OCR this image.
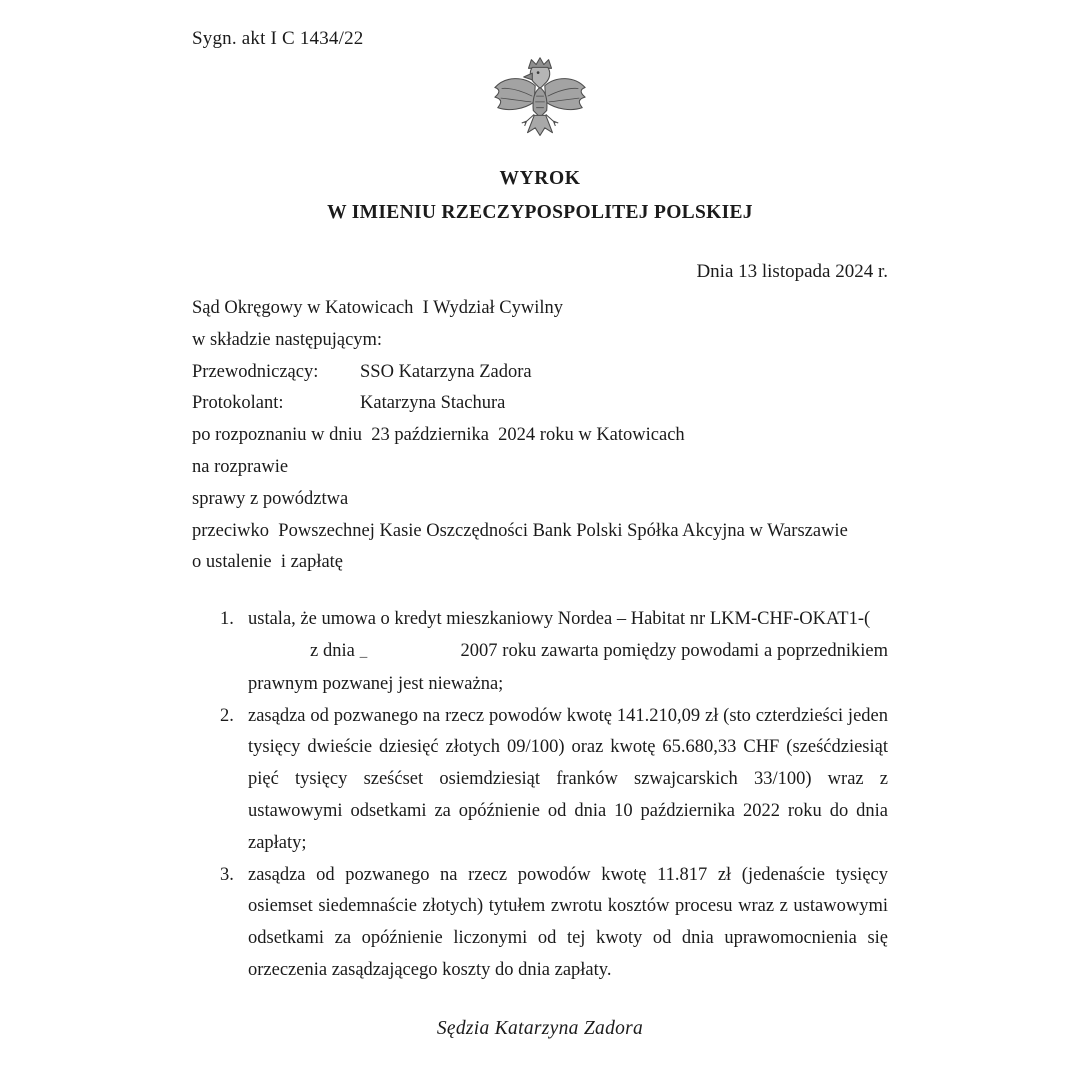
Sygn. akt I C 1434/22
WYROK
W IMIENIU RZECZYPOSPOLITEJ POLSKIEJ
Dnia 13 listopada 2024 r.
Sąd Okręgowy w Katowicach  I Wydział Cywilny
w składzie następującym:
Przewodniczący: SSO Katarzyna Zadora
Protokolant:	Katarzyna Stachura
po rozpoznaniu w dniu  23 października  2024 roku w Katowicach
na rozprawie
sprawy z powództwa
przeciwko  Powszechnej Kasie Oszczędności Bank Polski Spółka Akcyjna w Warszawie
o ustalenie  i zapłatę
1. ustala, że umowa o kredyt mieszkaniowy Nordea – Habitat nr LKM-CHF-OKAT1-(
z dnia _	2007 roku zawarta pomiędzy powodami a poprzednikiem
prawnym pozwanej jest nieważna;
2. zasądza od pozwanego na rzecz powodów kwotę 141.210,09 zł (sto czterdzieści jeden
tysięcy dwieście dziesięć złotych 09/100) oraz kwotę 65.680,33 CHF (sześćdziesiąt
pięć tysięcy sześćset osiemdziesiąt franków szwajcarskich 33/100) wraz z
ustawowymi odsetkami za opóźnienie od dnia 10 października 2022 roku do dnia
zapłaty;
3. zasądza od pozwanego na rzecz powodów kwotę 11.817 zł (jedenaście tysięcy
osiemset siedemnaście złotych) tytułem zwrotu kosztów procesu wraz z ustawowymi
odsetkami za opóźnienie liczonymi od tej kwoty od dnia uprawomocnienia się
orzeczenia zasądzającego koszty do dnia zapłaty.
Sędzia Katarzyna Zadora
